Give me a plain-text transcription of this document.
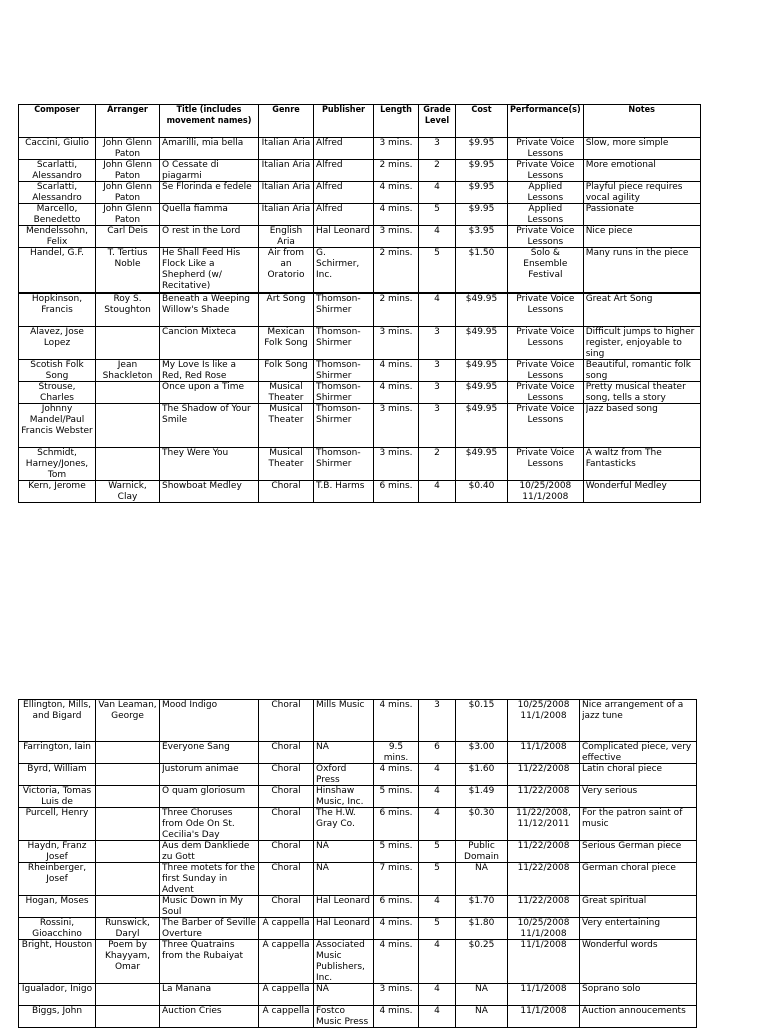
Composer	Arranger	Title (includes movement names)	Genre	Publisher	Length	Grade Level	Cost	Performance(s)	Notes

Caccini, Giulio	John Glenn Paton	Amarilli, mia bella	Italian Aria	Alfred	3 mins.	3	$9.95	Private Voice Lessons	Slow, more simple

Scarlatti, Alessandro	John Glenn Paton	O Cessate di piagarmi	Italian Aria	Alfred	2 mins.	2	$9.95	Private Voice Lessons	More emotional

Scarlatti, Alessandro	John Glenn Paton	Se Florinda e fedele	Italian Aria	Alfred	4 mins.	4	$9.95	Applied Lessons	Playful piece requires vocal agility

Marcello, Benedetto	John Glenn Paton	Quella fiamma	Italian Aria	Alfred	4 mins.	5	$9.95	Applied Lessons	Passionate

Mendelssohn, Felix	Carl Deis	O rest in the Lord	English Aria	Hal Leonard	3 mins.	4	$3.95	Private Voice Lessons	Nice piece

Handel, G.F.	T. Tertius Noble	He Shall Feed His Flock Like a Shepherd (w/ Recitative)	Air from an Oratorio	G. Schirmer, Inc.	2 mins.	5	$1.50	Solo & Ensemble Festival	Many runs in the piece

Hopkinson, Francis	Roy S. Stoughton	Beneath a Weeping Willow's Shade	Art Song	Thomson-Shirmer	2 mins.	4	$49.95	Private Voice Lessons	Great Art Song

Alavez, Jose Lopez		Cancion Mixteca	Mexican Folk Song	Thomson-Shirmer	3 mins.	3	$49.95	Private Voice Lessons	Difficult jumps to higher register, enjoyable to sing

Scotish Folk Song	Jean Shackleton	My Love Is like a Red, Red Rose	Folk Song	Thomson-Shirmer	4 mins.	3	$49.95	Private Voice Lessons	Beautiful, romantic folk song

Strouse, Charles		Once upon a Time	Musical Theater	Thomson-Shirmer	4 mins.	3	$49.95	Private Voice Lessons	Pretty musical theater song, tells a story

Johnny Mandel/Paul Francis Webster		The Shadow of Your Smile	Musical Theater	Thomson-Shirmer	3 mins.	3	$49.95	Private Voice Lessons	Jazz based song

Schmidt, Harney/Jones, Tom		They Were You	Musical Theater	Thomson-Shirmer	3 mins.	2	$49.95	Private Voice Lessons	A waltz from The Fantasticks

Kern, Jerome	Warnick, Clay	Showboat Medley	Choral	T.B. Harms	6 mins.	4	$0.40	10/25/2008 11/1/2008	Wonderful Medley
Ellington, Mills, and Bigard	Van Leaman, George	Mood Indigo	Choral	Mills Music	4 mins.	3	$0.15	10/25/2008 11/1/2008	Nice arrangement of a jazz tune

Farrington, Iain		Everyone Sang	Choral	NA	9.5 mins.	6	$3.00	11/1/2008	Complicated piece, very effective

Byrd, William		Justorum animae	Choral	Oxford Press	4 mins.	4	$1.60	11/22/2008	Latin choral piece

Victoria, Tomas Luis de		O quam gloriosum	Choral	Hinshaw Music, Inc.	5 mins.	4	$1.49	11/22/2008	Very serious

Purcell, Henry		Three Choruses from Ode On St. Cecilia's Day	Choral	The H.W. Gray Co.	6 mins.	4	$0.30	11/22/2008, 11/12/2011	For the patron saint of music

Haydn, Franz Josef		Aus dem Dankliede zu Gott	Choral	NA	5 mins.	5	Public Domain	11/22/2008	Serious German piece

Rheinberger, Josef		Three motets for the first Sunday in Advent	Choral	NA	7 mins.	5	NA	11/22/2008	German choral piece

Hogan, Moses		Music Down in My Soul	Choral	Hal Leonard	6 mins.	4	$1.70	11/22/2008	Great spiritual

Rossini, Gioacchino	Runswick, Daryl	The Barber of Seville Overture	A cappella	Hal Leonard	4 mins.	5	$1.80	10/25/2008 11/1/2008	Very entertaining

Bright, Houston	Poem by Khayyam, Omar	Three Quatrains from the Rubaiyat	A cappella	Associated Music Publishers, Inc.	4 mins.	4	$0.25	11/1/2008	Wonderful words

Igualador, Inigo		La Manana	A cappella	NA	3 mins.	4	NA	11/1/2008	Soprano solo

Biggs, John		Auction Cries	A cappella	Fostco Music Press	4 mins.	4	NA	11/1/2008	Auction annoucements
